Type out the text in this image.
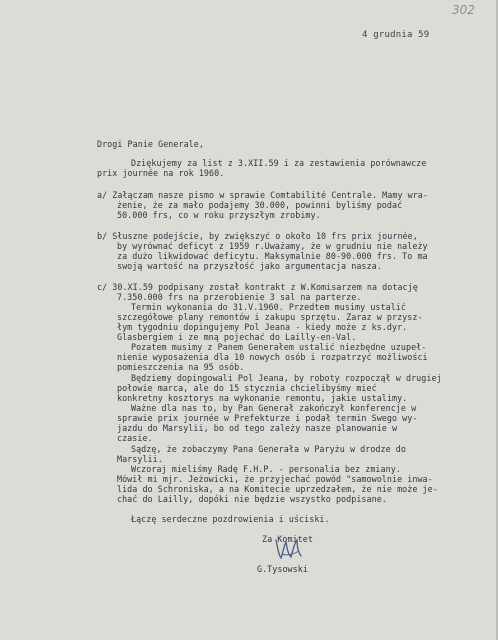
302
4 grudnia 59
Drogi Panie Generale,
Dziękujemy za list z 3.XII.59 i za zestawienia porównawcze
prix journée na rok 1960.
a/ Załączam nasze pismo w sprawie Comtabilité Centrale. Mamy wra-
żenie, że za mało podajemy 30.000, powinni byliśmy podać
50.000 frs, co w roku przyszłym zrobimy.
b/ Słuszne podejście, by zwiększyć o około 10 frs prix journée,
by wyrównać deficyt z 1959 r.Uważamy, że w grudniu nie należy
za dużo likwidować deficytu. Maksymalnie 80-90.000 frs. To ma
swoją wartość na przyszłość jako argumentacja nasza.
c/ 30.XI.59 podpisany został kontrakt z W.Komisarzem na dotację
7.350.000 frs na przerobienie 3 sal na parterze.
Termin wykonania do 31.V.1960. Przedtem musimy ustalić
szczegółowe plany remontów i zakupu sprzętu. Zaraz w przysz-
łym tygodniu dopingujemy Pol Jeana - kiedy może z ks.dyr.
Glasbergiem i ze mną pojechać do Lailly-en-Val.
Pozatem musimy z Panem Generałem ustalić niezbędne uzupeł-
nienie wyposażenia dla 10 nowych osób i rozpatrzyć możliwości
pomieszczenia na 95 osób.
Będziemy dopingowali Pol Jeana, by roboty rozpoczął w drugiej
połowie marca, ale do 15 stycznia chcielibyśmy mieć
konkretny kosztorys na wykonanie remontu, jakie ustalimy.
Ważne dla nas to, by Pan Generał zakończył konferencje w
sprawie prix journée w Prefekturze i podał termin Swego wy-
jazdu do Marsylii, bo od tego zależy nasze planowanie w
czasie.
Sądzę, że zobaczymy Pana Generała w Paryżu w drodze do
Marsylii.
Wczoraj mieliśmy Radę F.H.P. - personalia bez zmiany.
Mówił mi mjr. Jeżowicki, że przyjechać powód "samowolnie inwa-
lida do Schroniska, a na Komitecie uprzedzałem, że nie może je-
chać do Lailly, dopóki nie będzie wszystko podpisane.
Łączę serdeczne pozdrowienia i uściski.
Za Komitet
G.Tysowski
